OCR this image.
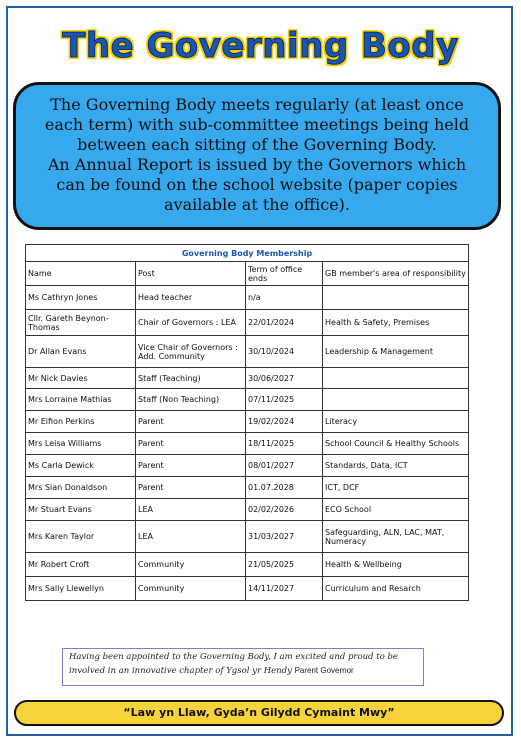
The Governing Body

The Governing Body meets regularly (at least once each term) with sub-committee meetings being held between each sitting of the Governing Body.

An Annual Report is issued by the Governors which can be found on the school website (paper copies available at the office).

Governing Body Membership			
Name	Post	Term of office ends	GB member's area of responsibility
Ms Cathryn Jones	Head teacher	n/a	
Cllr. Gareth Beynon-Thomas	Chair of Governors : LEA	22/01/2024	Health & Safety, Premises
Dr Allan Evans	Vice Chair of Governors : Add. Community	30/10/2024	Leadership & Management
Mr Nick Davies	Staff (Teaching)	30/06/2027	
Mrs Lorraine Mathias	Staff (Non Teaching)	07/11/2025	
Mr Eifion Perkins	Parent	19/02/2024	Literacy
Mrs Leisa Williams	Parent	18/11/2025	School Council & Healthy Schools
Ms Carla Dewick	Parent	08/01/2027	Standards, Data, ICT
Mrs Sian Donaldson	Parent	01.07.2028	ICT, DCF
Mr Stuart Evans	LEA	02/02/2026	ECO School
Mrs Karen Taylor	LEA	31/03/2027	Safeguarding, ALN, LAC, MAT, Numeracy
Mr Robert Croft	Community	21/05/2025	Health & Wellbeing
Mrs Sally Llewellyn	Community	14/11/2027	Curriculum and Resarch
Having been appointed to the Governing Body, I am excited and proud to be involved in an innovative chapter of Ygsol yr Hendy Parent Governor
“Law yn Llaw, Gyda’n Gilydd Cymaint Mwy”
